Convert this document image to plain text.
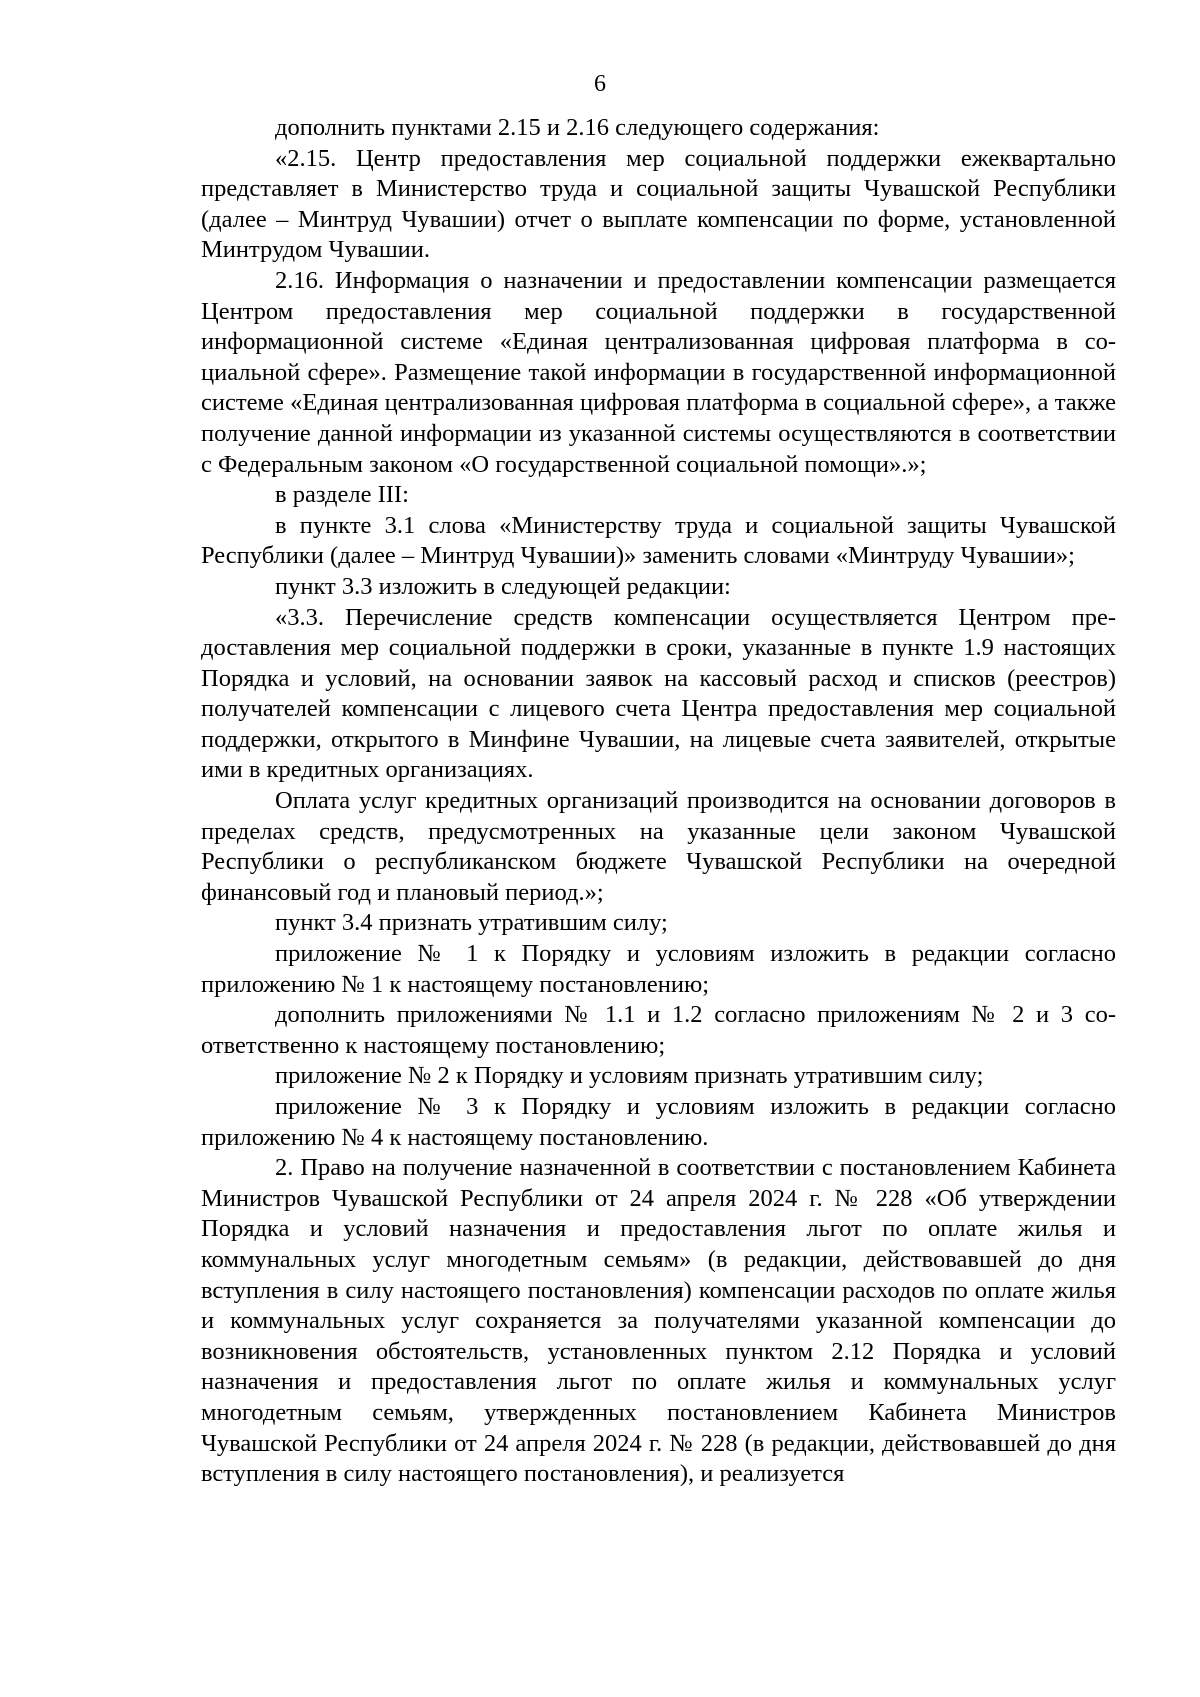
6

дополнить пунктами 2.15 и 2.16 следующего содержания:

«2.15. Центр предоставления мер социальной поддержки ежеквартально представляет в Министерство труда и социальной защиты Чувашской Республики (далее – Минтруд Чувашии) отчет о выплате компенсации по форме, установленной Минтрудом Чувашии.

2.16. Информация о назначении и предоставлении компенсации размещается Центром предоставления мер социальной поддержки в государственной информационной системе «Единая централизованная цифровая платформа в социальной сфере». Размещение такой информации в государственной информационной системе «Единая централизованная цифровая платформа в социальной сфере», а также получение данной информации из указанной системы осуществляются в соответствии с Федеральным законом «О государственной социальной помощи».»;

в разделе III:

в пункте 3.1 слова «Министерству труда и социальной защиты Чувашской Республики (далее – Минтруд Чувашии)» заменить словами «Минтруду Чувашии»;

пункт 3.3 изложить в следующей редакции:

«3.3. Перечисление средств компенсации осуществляется Центром предоставления мер социальной поддержки в сроки, указанные в пункте 1.9 настоящих Порядка и условий, на основании заявок на кассовый расход и списков (реестров) получателей компенсации с лицевого счета Центра предоставления мер социальной поддержки, открытого в Минфине Чувашии, на лицевые счета заявителей, открытые ими в кредитных организациях.

Оплата услуг кредитных организаций производится на основании договоров в пределах средств, предусмотренных на указанные цели законом Чувашской Республики о республиканском бюджете Чувашской Республики на очередной финансовый год и плановый период.»;

пункт 3.4 признать утратившим силу;

приложение № 1 к Порядку и условиям изложить в редакции согласно приложению № 1 к настоящему постановлению;

дополнить приложениями № 1.1 и 1.2 согласно приложениям № 2 и 3 соответственно к настоящему постановлению;

приложение № 2 к Порядку и условиям признать утратившим силу;

приложение № 3 к Порядку и условиям изложить в редакции согласно приложению № 4 к настоящему постановлению.

2. Право на получение назначенной в соответствии с постановлением Кабинета Министров Чувашской Республики от 24 апреля 2024 г. № 228 «Об утверждении Порядка и условий назначения и предоставления льгот по оплате жилья и коммунальных услуг многодетным семьям» (в редакции, действовавшей до дня вступления в силу настоящего постановления) компенсации расходов по оплате жилья и коммунальных услуг сохраняется за получателями указанной компенсации до возникновения обстоятельств, установленных пунктом 2.12 Порядка и условий назначения и предоставления льгот по оплате жилья и коммунальных услуг многодетным семьям, утвержденных постановлением Кабинета Министров Чувашской Республики от 24 апреля 2024 г. № 228 (в редакции, действовавшей до дня вступления в силу настоящего постановления), и реализуется
